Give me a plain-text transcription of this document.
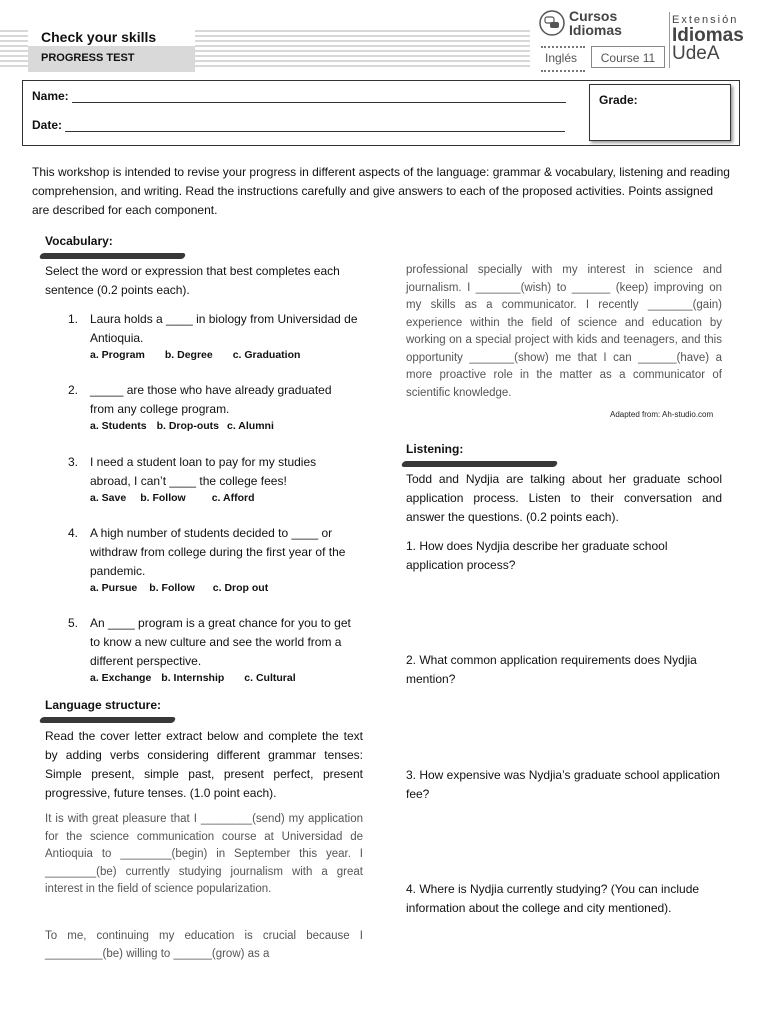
Check your skills
PROGRESS TEST
Cursos
Idiomas
Inglés	Course 11
Extensión
Idiomas
UdeA
Name:
Date:
Grade:
This workshop is intended to revise your progress in different aspects of the language: grammar & vocabulary, listening and reading comprehension, and writing. Read the instructions carefully and give answers to each of the proposed activities. Points assigned are described for each component.
Vocabulary:
Select the word or expression that best completes each sentence (0.2 points each).
1. Laura holds a ____ in biology from Universidad de Antioquia.
a. Program b. Degree c. Graduation
2. _____ are those who have already graduated from any college program.
a. Students b. Drop-outs c. Alumni
3. I need a student loan to pay for my studies abroad, I can’t ____ the college fees!
a. Save b. Follow c. Afford
4. A high number of students decided to ____ or withdraw from college during the first year of the pandemic.
a. Pursue b. Follow c. Drop out
5. An ____ program is a great chance for you to get to know a new culture and see the world from a different perspective.
a. Exchange b. Internship c. Cultural
Language structure:
Read the cover letter extract below and complete the text by adding verbs considering different grammar tenses: Simple present, simple past, present perfect, present progressive, future tenses. (1.0 point each).
It is with great pleasure that I ________(send) my application for the science communication course at Universidad de Antioquia to ________(begin) in September this year. I ________(be) currently studying journalism with a great interest in the field of science popularization.
To me, continuing my education is crucial because I _________(be) willing to ______(grow) as a
professional specially with my interest in science and journalism. I _______(wish) to ______ (keep) improving on my skills as a communicator. I recently _______(gain) experience within the field of science and education by working on a special project with kids and teenagers, and this opportunity _______(show) me that I can ______(have) a more proactive role in the matter as a communicator of scientific knowledge.
Adapted from: Ah-studio.com
Listening:
Todd and Nydjia are talking about her graduate school application process. Listen to their conversation and answer the questions. (0.2 points each).
1. How does Nydjia describe her graduate school application process?
2. What common application requirements does Nydjia mention?
3. How expensive was Nydjia’s graduate school application fee?
4. Where is Nydjia currently studying? (You can include information about the college and city mentioned).
